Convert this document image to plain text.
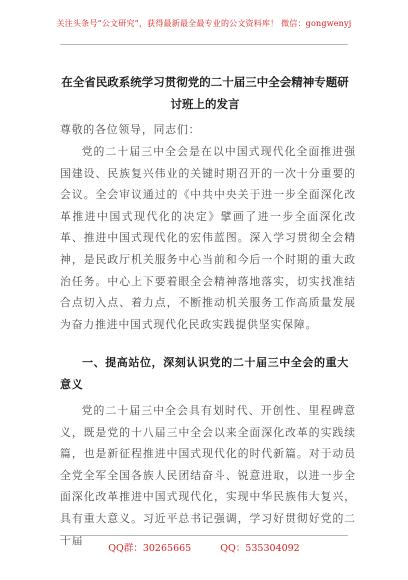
关注头条号“公文研究”，获得最新最全最专业的公文资料库！ 微信：gongwenyj
在全省民政系统学习贯彻党的二十届三中全会精神专题研讨班上的发言
尊敬的各位领导，同志们：
党的二十届三中全会是在以中国式现代化全面推进强国建设、民族复兴伟业的关键时期召开的一次十分重要的会议。全会审议通过的《中共中央关于进一步全面深化改革推进中国式现代化的决定》擘画了进一步全面深化改革、推进中国式现代化的宏伟蓝图。深入学习贯彻全会精神，是民政厅机关服务中心当前和今后一个时期的重大政治任务。中心上下要着眼全会精神落地落实，切实找准结合点切入点、着力点，不断推动机关服务工作高质量发展为奋力推进中国式现代化民政实践提供坚实保障。
一、提高站位，深刻认识党的二十届三中全会的重大意义
党的二十届三中全会具有划时代、开创性、里程碑意义，既是党的十八届三中全会以来全面深化改革的实践续篇，也是新征程推进中国式现代化的时代新篇。对于动员全党全军全国各族人民团结奋斗、锐意进取，以进一步全面深化改革推进中国式现代化，实现中华民族伟大复兴，具有重大意义。习近平总书记强调，学习好贯彻好党的二十届
QQ群：30265665	QQ：535304092
